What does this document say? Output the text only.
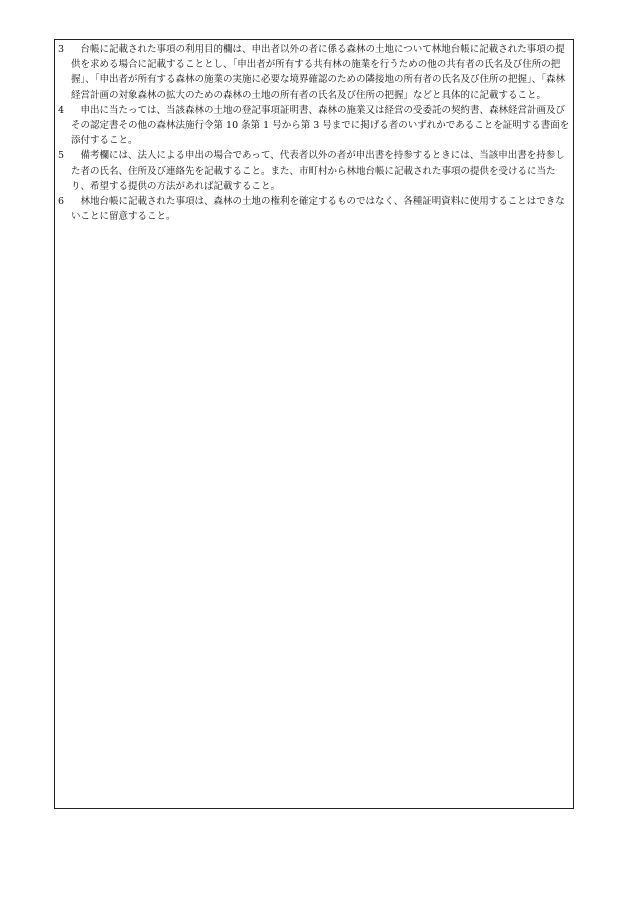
3	台帳に記載された事項の利用目的欄は、申出者以外の者に係る森林の土地について林地台帳に記載された事項の提供を求める場合に記載することとし、「申出者が所有する共有林の施業を行うための他の共有者の氏名及び住所の把握」、「申出者が所有する森林の施業の実施に必要な境界確認のための隣接地の所有者の氏名及び住所の把握」、「森林経営計画の対象森林の拡大のための森林の土地の所有者の氏名及び住所の把握」などと具体的に記載すること。
4	申出に当たっては、当該森林の土地の登記事項証明書、森林の施業又は経営の受委託の契約書、森林経営計画及びその認定書その他の森林法施行令第 10 条第 1 号から第 3 号までに掲げる者のいずれかであることを証明する書面を添付すること。
5	備考欄には、法人による申出の場合であって、代表者以外の者が申出書を持参するときには、当該申出書を持参した者の氏名、住所及び連絡先を記載すること。また、市町村から林地台帳に記載された事項の提供を受けるに当たり、希望する提供の方法があれば記載すること。
6	林地台帳に記載された事項は、森林の土地の権利を確定するものではなく、各種証明資料に使用することはできないことに留意すること。
